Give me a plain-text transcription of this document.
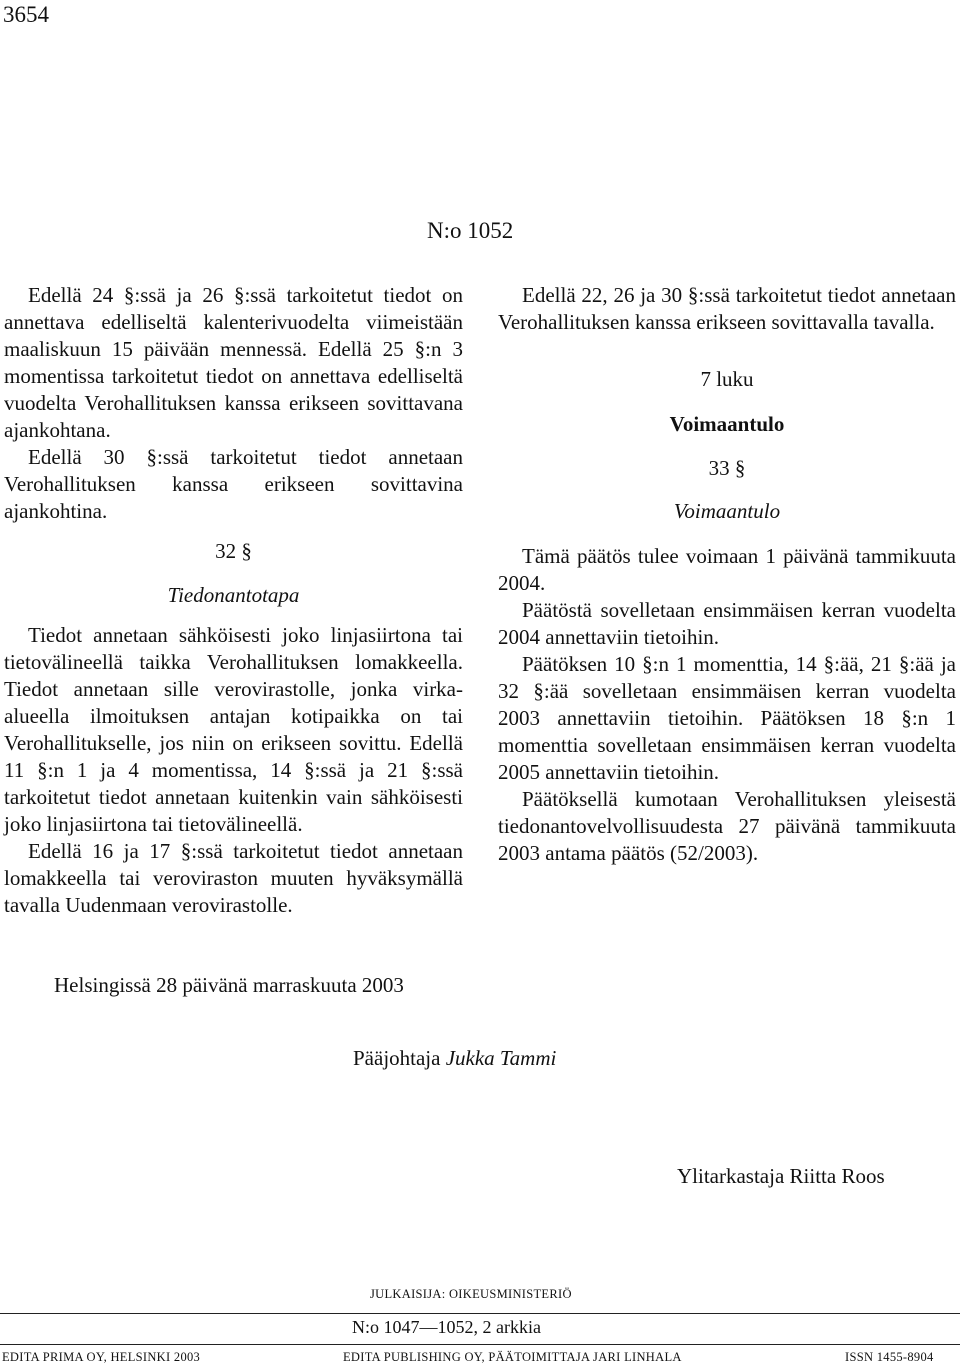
3654
N:o 1052

Edellä 24 §:ssä ja 26 §:ssä tarkoitetut tiedot on annettava edelliseltä kalenterivuodelta viimeistään maaliskuun 15 päivään mennessä. Edellä 25 §:n 3 momentissa tarkoitetut tiedot on annettava edelliseltä vuodelta Verohallituksen kanssa erikseen sovittavana ajankohtana.

Edellä 30 §:ssä tarkoitetut tiedot annetaan Verohallituksen kanssa erikseen sovittavina ajankohtina.

32 §
Tiedonantotapa

Tiedot annetaan sähköisesti joko linjasiirtona tai tietovälineellä taikka Verohallituksen lomakkeella. Tiedot annetaan sille verovirastolle, jonka virka-alueella ilmoituksen antajan kotipaikka on tai Verohallitukselle, jos niin on erikseen sovittu. Edellä 11 §:n 1 ja 4 momentissa, 14 §:ssä ja 21 §:ssä tarkoitetut tiedot annetaan kuitenkin vain sähköisesti joko linjasiirtona tai tietovälineellä.

Edellä 16 ja 17 §:ssä tarkoitetut tiedot annetaan lomakkeella tai veroviraston muuten hyväksymällä tavalla Uudenmaan verovirastolle.

Edellä 22, 26 ja 30 §:ssä tarkoitetut tiedot annetaan Verohallituksen kanssa erikseen sovittavalla tavalla.

7 luku
Voimaantulo
33 §
Voimaantulo

Tämä päätös tulee voimaan 1 päivänä tammikuuta 2004.

Päätöstä sovelletaan ensimmäisen kerran vuodelta 2004 annettaviin tietoihin.

Päätöksen 10 §:n 1 momenttia, 14 §:ää, 21 §:ää ja 32 §:ää sovelletaan ensimmäisen kerran vuodelta 2003 annettaviin tietoihin. Päätöksen 18 §:n 1 momenttia sovelletaan ensimmäisen kerran vuodelta 2005 annettaviin tietoihin.

Päätöksellä kumotaan Verohallituksen yleisestä tiedonantovelvollisuudesta 27 päivänä tammikuuta 2003 antama päätös (52/2003).

Helsingissä 28 päivänä marraskuuta 2003
Pääjohtaja Jukka Tammi
Ylitarkastaja Riitta Roos
JULKAISIJA: OIKEUSMINISTERIÖ
N:o 1047—1052, 2 arkkia
EDITA PRIMA OY, HELSINKI 2003	EDITA PUBLISHING OY, PÄÄTOIMITTAJA JARI LINHALA	ISSN 1455-8904
